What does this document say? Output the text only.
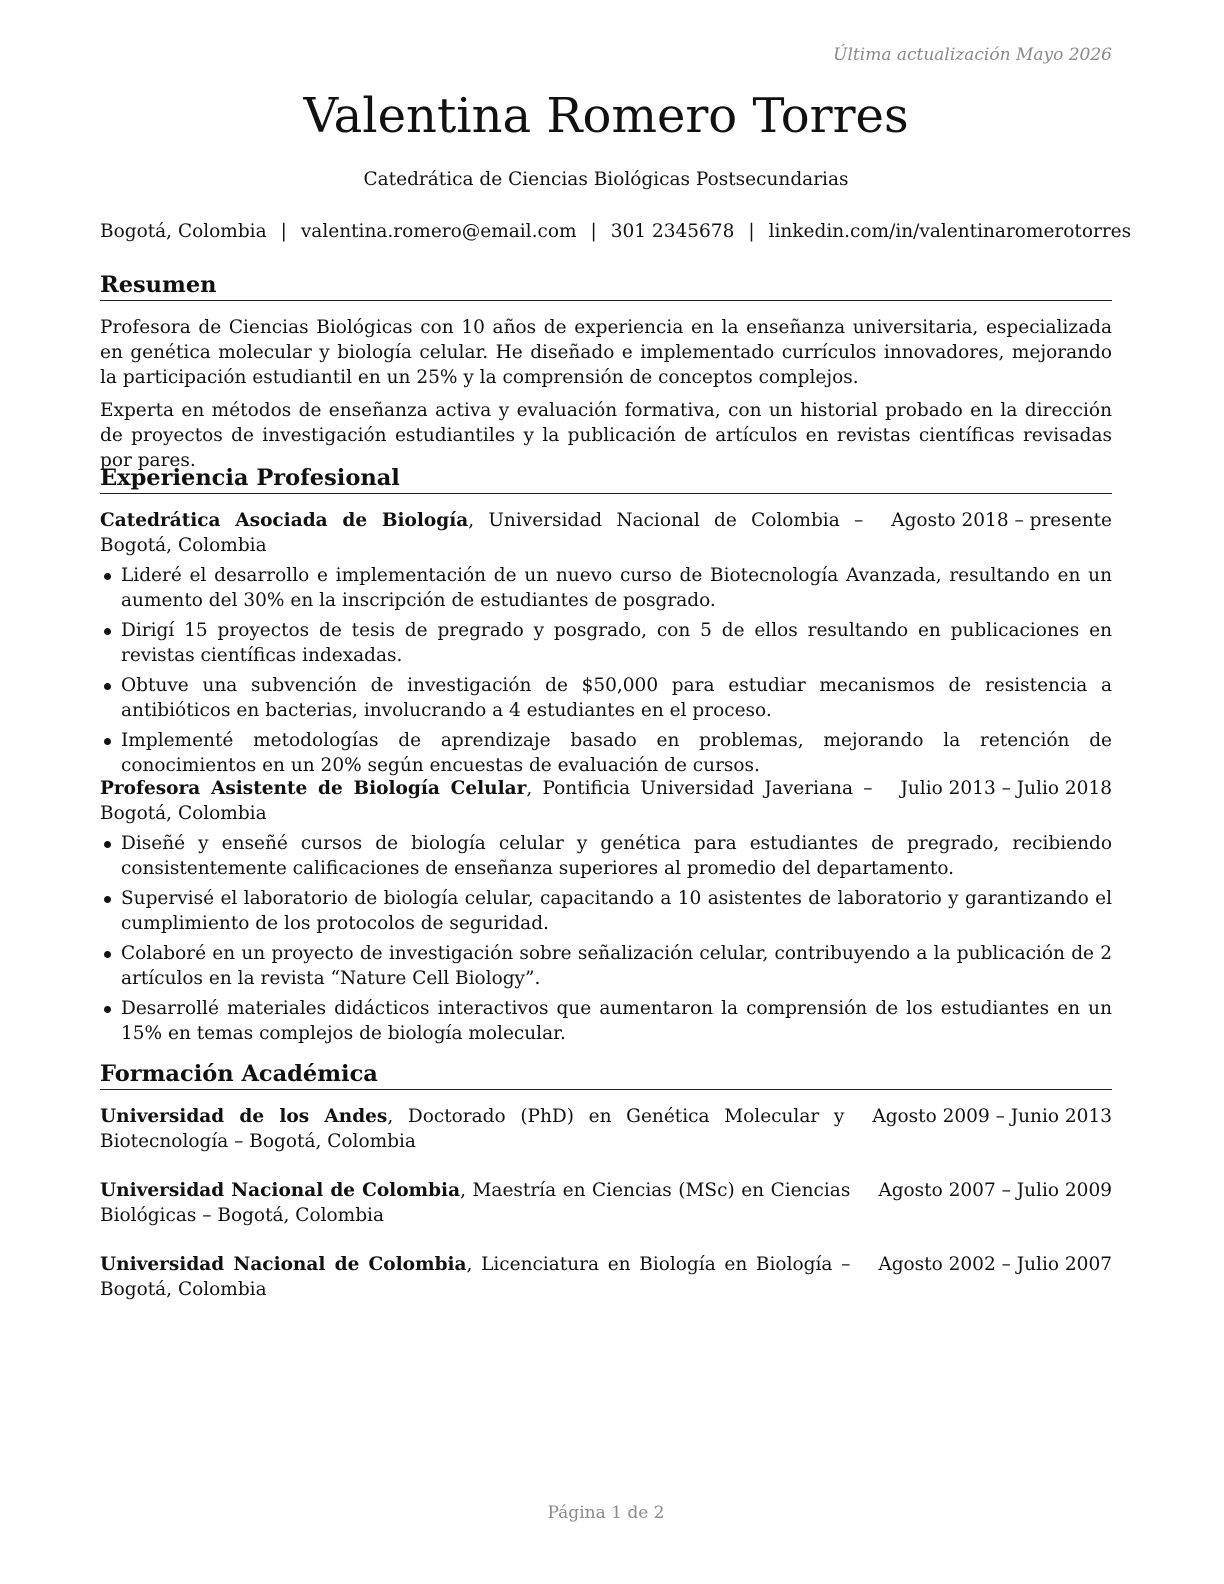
Última actualización Mayo 2026
Valentina Romero Torres
Catedrática de Ciencias Biológicas Postsecundarias
Bogotá, Colombia | valentina.romero@email.com | 301 2345678 | linkedin.com/in/valentinaromerotorres
Resumen

Profesora de Ciencias Biológicas con 10 años de experiencia en la enseñanza universitaria, especializada en genética molecular y biología celular. He diseñado e implementado currículos innovadores, mejorando la participación estudiantil en un 25% y la comprensión de conceptos complejos.

Experta en métodos de enseñanza activa y evaluación formativa, con un historial probado en la dirección de proyectos de investigación estudiantiles y la publicación de artículos en revistas científicas revisadas por pares.

Experiencia Profesional
Agosto 2018 – presente
Catedrática Asociada de Biología, Universidad Nacional de Colombia – Bogotá, Colombia
Lideré el desarrollo e implementación de un nuevo curso de Biotecnología Avanzada, resultando en un aumento del 30% en la inscripción de estudiantes de posgrado.
Dirigí 15 proyectos de tesis de pregrado y posgrado, con 5 de ellos resultando en publicaciones en revistas científicas indexadas.
Obtuve una subvención de investigación de $50,000 para estudiar mecanismos de resistencia a antibióticos en bacterias, involucrando a 4 estudiantes en el proceso.
Implementé metodologías de aprendizaje basado en problemas, mejorando la retención de conocimientos en un 20% según encuestas de evaluación de cursos.
Julio 2013 – Julio 2018
Profesora Asistente de Biología Celular, Pontificia Universidad Javeriana – Bogotá, Colombia
Diseñé y enseñé cursos de biología celular y genética para estudiantes de pregrado, recibiendo consistentemente calificaciones de enseñanza superiores al promedio del departamento.
Supervisé el laboratorio de biología celular, capacitando a 10 asistentes de laboratorio y garantizando el cumplimiento de los protocolos de seguridad.
Colaboré en un proyecto de investigación sobre señalización celular, contribuyendo a la publicación de 2 artículos en la revista “Nature Cell Biology”.
Desarrollé materiales didácticos interactivos que aumentaron la comprensión de los estudiantes en un 15% en temas complejos de biología molecular.
Formación Académica
Agosto 2009 – Junio 2013
Universidad de los Andes, Doctorado (PhD) en Genética Molecular y Biotecnología – Bogotá, Colombia
Agosto 2007 – Julio 2009
Universidad Nacional de Colombia, Maestría en Ciencias (MSc) en Ciencias Biológicas – Bogotá, Colombia
Agosto 2002 – Julio 2007
Universidad Nacional de Colombia, Licenciatura en Biología en Biología – Bogotá, Colombia
Página 1 de 2
